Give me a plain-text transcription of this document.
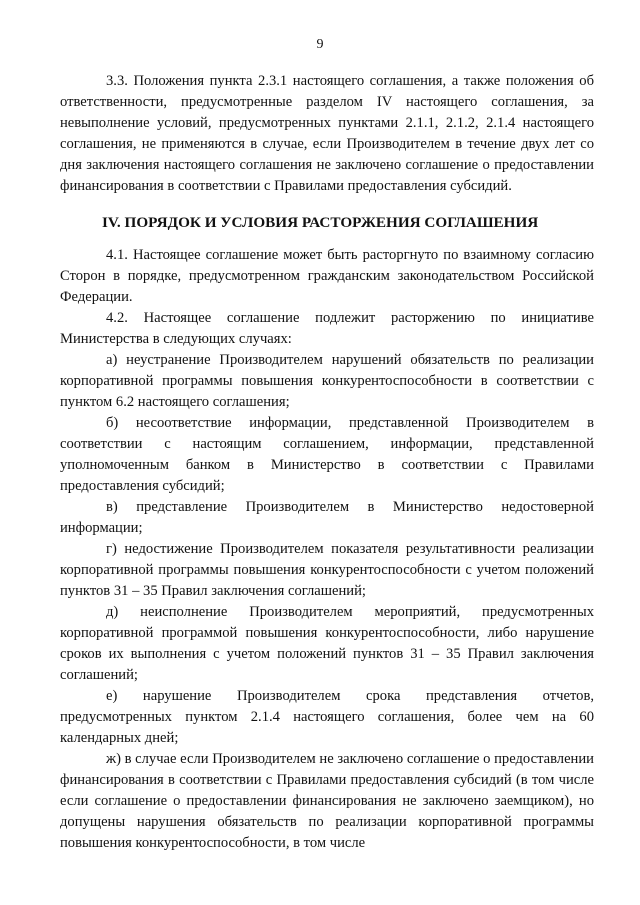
9

3.3. Положения пункта 2.3.1 настоящего соглашения, а также положения об ответственности, предусмотренные разделом IV настоящего соглашения, за невыполнение условий, предусмотренных пунктами 2.1.1, 2.1.2, 2.1.4 настоящего соглашения, не применяются в случае, если Производителем в течение двух лет со дня заключения настоящего соглашения не заключено соглашение о предоставлении финансирования в соответствии с Правилами предоставления субсидий.

IV. ПОРЯДОК И УСЛОВИЯ РАСТОРЖЕНИЯ СОГЛАШЕНИЯ

4.1. Настоящее соглашение может быть расторгнуто по взаимному согласию Сторон в порядке, предусмотренном гражданским законодательством Российской Федерации.

4.2. Настоящее соглашение подлежит расторжению по инициативе Министерства в следующих случаях:

а) неустранение Производителем нарушений обязательств по реализации корпоративной программы повышения конкурентоспособности в соответствии с пунктом 6.2 настоящего соглашения;

б) несоответствие информации, представленной Производителем в соответствии с настоящим соглашением, информации, представленной уполномоченным банком в Министерство в соответствии с Правилами предоставления субсидий;

в) представление Производителем в Министерство недостоверной информации;

г) недостижение Производителем показателя результативности реализации корпоративной программы повышения конкурентоспособности с учетом положений пунктов 31 – 35 Правил заключения соглашений;

д) неисполнение Производителем мероприятий, предусмотренных корпоративной программой повышения конкурентоспособности, либо нарушение сроков их выполнения с учетом положений пунктов 31 – 35 Правил заключения соглашений;

е) нарушение Производителем срока представления отчетов, предусмотренных пунктом 2.1.4 настоящего соглашения, более чем на 60 календарных дней;

ж) в случае если Производителем не заключено соглашение о предоставлении финансирования в соответствии с Правилами предоставления субсидий (в том числе если соглашение о предоставлении финансирования не заключено заемщиком), но допущены нарушения обязательств по реализации корпоративной программы повышения конкурентоспособности, в том числе
